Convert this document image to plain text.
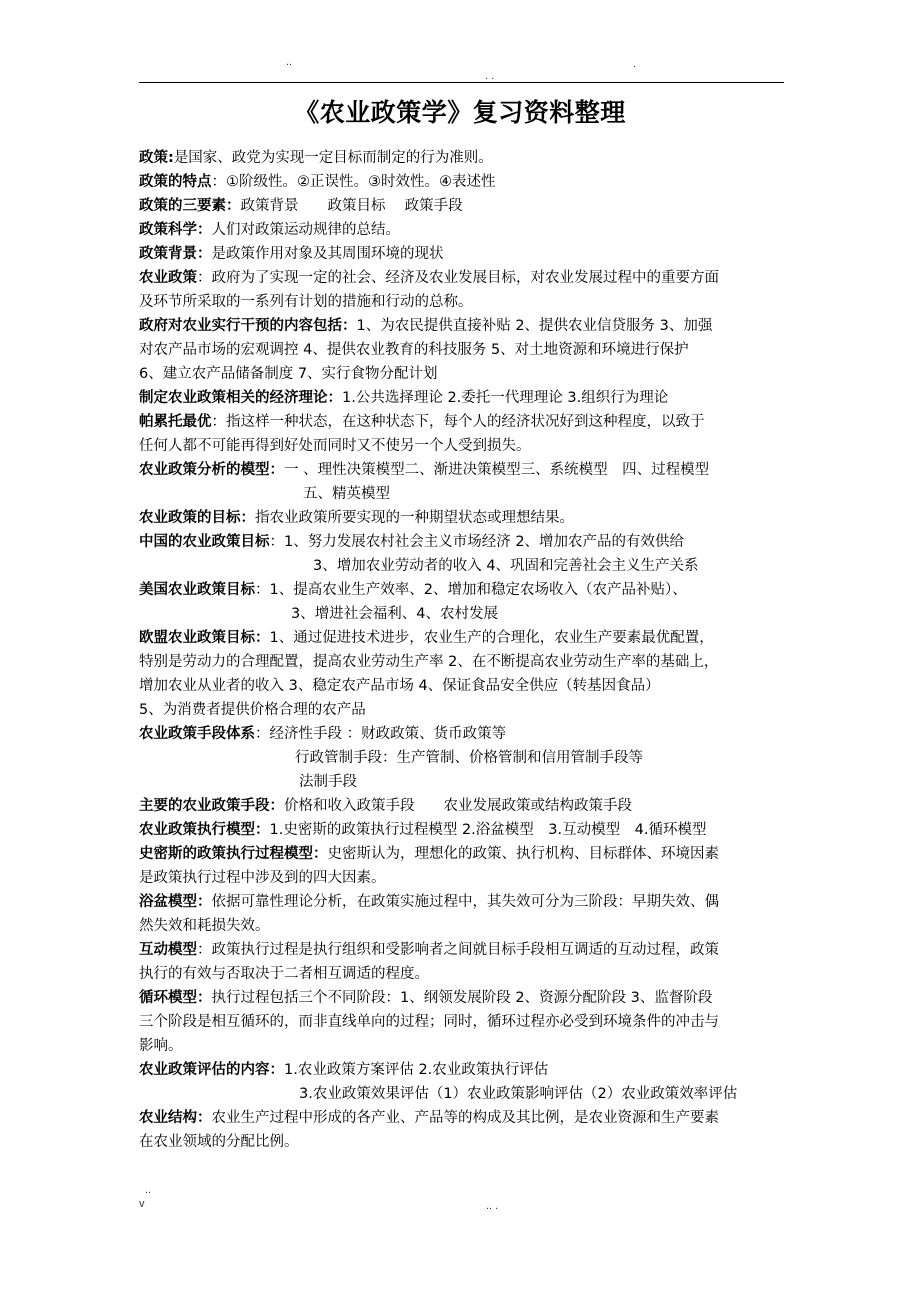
..
. .
.
《农业政策学》复习资料整理
政策:是国家、政党为实现一定目标而制定的行为准则。
政策的特点：①阶级性。②正误性。③时效性。④表述性
政策的三要素：政策背景　　政策目标　 政策手段
政策科学：人们对政策运动规律的总结。
政策背景：是政策作用对象及其周围环境的现状
农业政策：政府为了实现一定的社会、经济及农业发展目标，对农业发展过程中的重要方面
及环节所采取的一系列有计划的措施和行动的总称。
政府对农业实行干预的内容包括：1、为农民提供直接补贴 2、提供农业信贷服务 3、加强
对农产品市场的宏观调控 4、提供农业教育的科技服务 5、对土地资源和环境进行保护
6、建立农产品储备制度 7、实行食物分配计划
制定农业政策相关的经济理论：1.公共选择理论 2.委托一代理理论 3.组织行为理论
帕累托最优：指这样一种状态，在这种状态下，每个人的经济状况好到这种程度，以致于
任何人都不可能再得到好处而同时又不使另一个人受到损失。
农业政策分析的模型：一 、理性决策模型二、渐进决策模型三、系统模型　四、过程模型
五、精英模型
农业政策的目标：指农业政策所要实现的一种期望状态或理想结果。
中国的农业政策目标：1、努力发展农村社会主义市场经济 2、增加农产品的有效供给
3、增加农业劳动者的收入 4、巩固和完善社会主义生产关系
美国农业政策目标：1、提高农业生产效率、2、增加和稳定农场收入（农产品补贴）、
3、增进社会福利、4、农村发展
欧盟农业政策目标：1、通过促进技术进步，农业生产的合理化，农业生产要素最优配置，
特别是劳动力的合理配置，提高农业劳动生产率 2、在不断提高农业劳动生产率的基础上，
增加农业从业者的收入 3、稳定农产品市场 4、保证食品安全供应（转基因食品）
5、为消费者提供价格合理的农产品
农业政策手段体系：经济性手段 ：财政政策、货币政策等
行政管制手段：生产管制、价格管制和信用管制手段等
法制手段
主要的农业政策手段：价格和收入政策手段　　农业发展政策或结构政策手段
农业政策执行模型：1.史密斯的政策执行过程模型 2.浴盆模型　3.互动模型　4.循环模型
史密斯的政策执行过程模型：史密斯认为，理想化的政策、执行机构、目标群体、环境因素
是政策执行过程中涉及到的四大因素。
浴盆模型：依据可靠性理论分析，在政策实施过程中，其失效可分为三阶段：早期失效、偶
然失效和耗损失效。
互动模型：政策执行过程是执行组织和受影响者之间就目标手段相互调适的互动过程，政策
执行的有效与否取决于二者相互调适的程度。
循环模型：执行过程包括三个不同阶段：1、纲领发展阶段 2、资源分配阶段 3、监督阶段
三个阶段是相互循环的，而非直线单向的过程；同时，循环过程亦必受到环境条件的冲击与
影响。
农业政策评估的内容：1.农业政策方案评估 2.农业政策执行评估
3.农业政策效果评估（1）农业政策影响评估（2）农业政策效率评估
农业结构：农业生产过程中形成的各产业、产品等的构成及其比例，是农业资源和生产要素
在农业领域的分配比例。
..
v	.. .
